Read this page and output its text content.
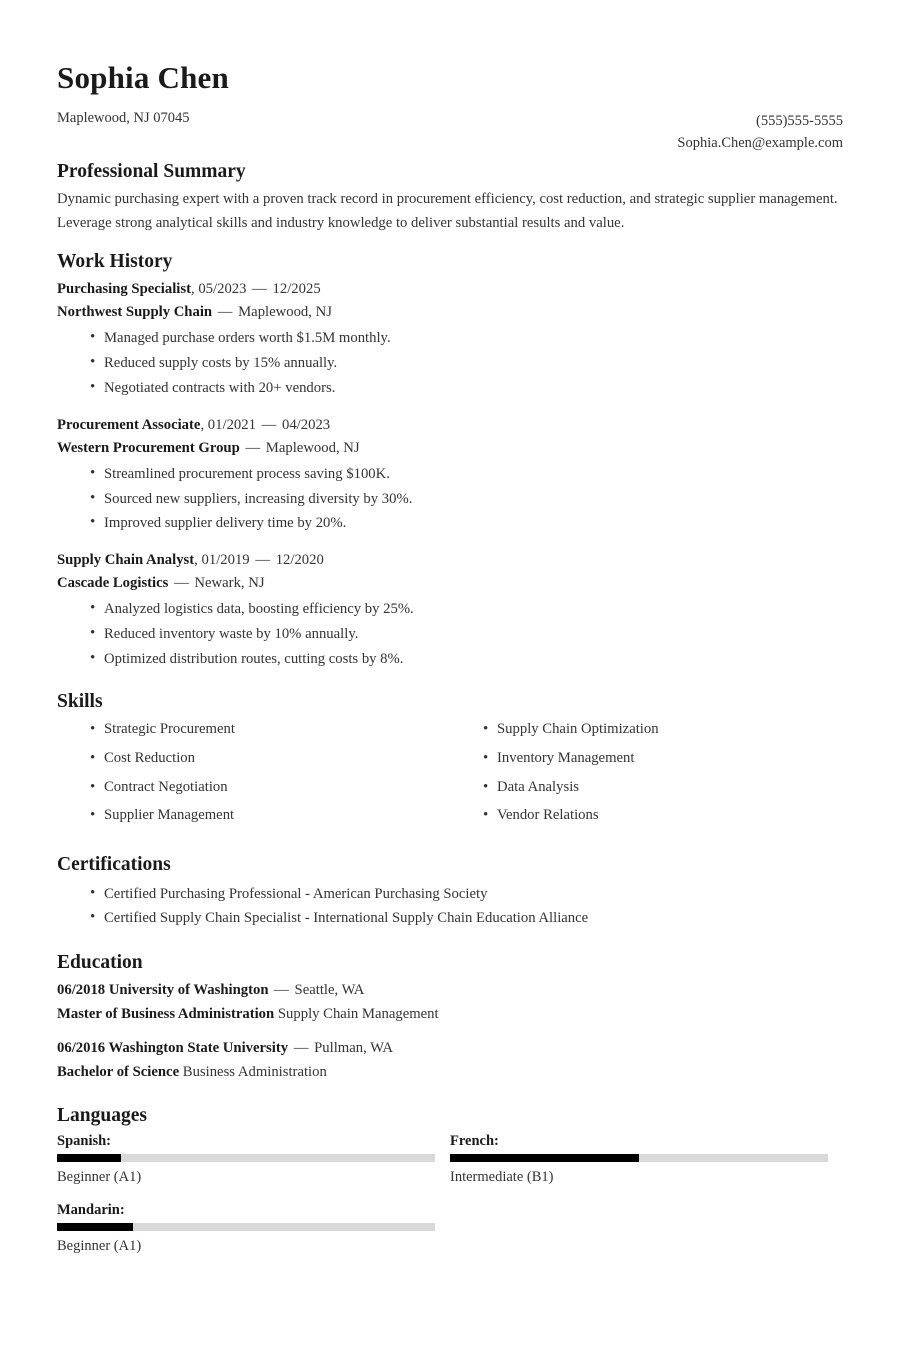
Sophia Chen
Maplewood, NJ 07045	(555)555-5555
Sophia.Chen@example.com
Professional Summary

Dynamic purchasing expert with a proven track record in procurement efficiency, cost reduction, and strategic supplier management. Leverage strong analytical skills and industry knowledge to deliver substantial results and value.

Work History
Purchasing Specialist, 05/2023 — 12/2025
Northwest Supply Chain — Maplewood, NJ
• Managed purchase orders worth $1.5M monthly.
• Reduced supply costs by 15% annually.
• Negotiated contracts with 20+ vendors.
Procurement Associate, 01/2021 — 04/2023
Western Procurement Group — Maplewood, NJ
• Streamlined procurement process saving $100K.
• Sourced new suppliers, increasing diversity by 30%.
• Improved supplier delivery time by 20%.
Supply Chain Analyst, 01/2019 — 12/2020
Cascade Logistics — Newark, NJ
• Analyzed logistics data, boosting efficiency by 25%.
• Reduced inventory waste by 10% annually.
• Optimized distribution routes, cutting costs by 8%.
Skills
• Strategic Procurement
• Cost Reduction
• Contract Negotiation
• Supplier Management
• Supply Chain Optimization
• Inventory Management
• Data Analysis
• Vendor Relations
Certifications
• Certified Purchasing Professional - American Purchasing Society
• Certified Supply Chain Specialist - International Supply Chain Education Alliance
Education
06/2018 University of Washington — Seattle, WA
Master of Business Administration Supply Chain Management
06/2016 Washington State University — Pullman, WA
Bachelor of Science Business Administration
Languages
Spanish:
Beginner (A1)
French:
Intermediate (B1)
Mandarin:
Beginner (A1)
